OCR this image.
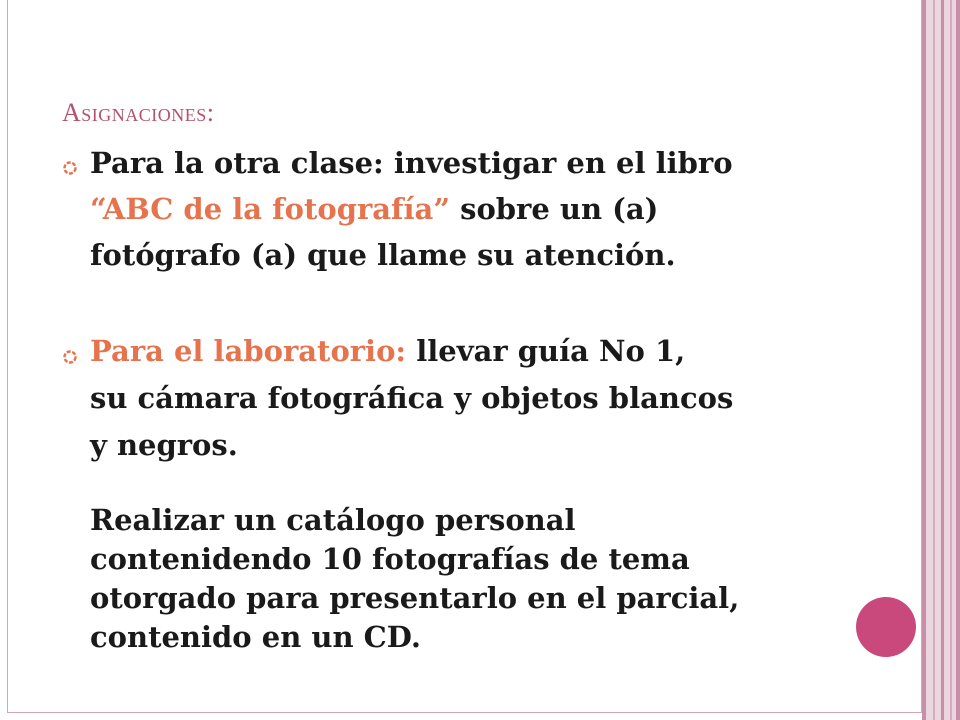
Asignaciones:
Para la otra clase: investigar en el libro
“ABC de la fotografía” sobre un (a)
fotógrafo (a) que llame su atención.
Para el laboratorio: llevar guía No 1,
su cámara fotográfica y objetos blancos
y negros.
Realizar un catálogo personal
contenidendo 10 fotografías de tema
otorgado para presentarlo en el parcial,
contenido en un CD.
